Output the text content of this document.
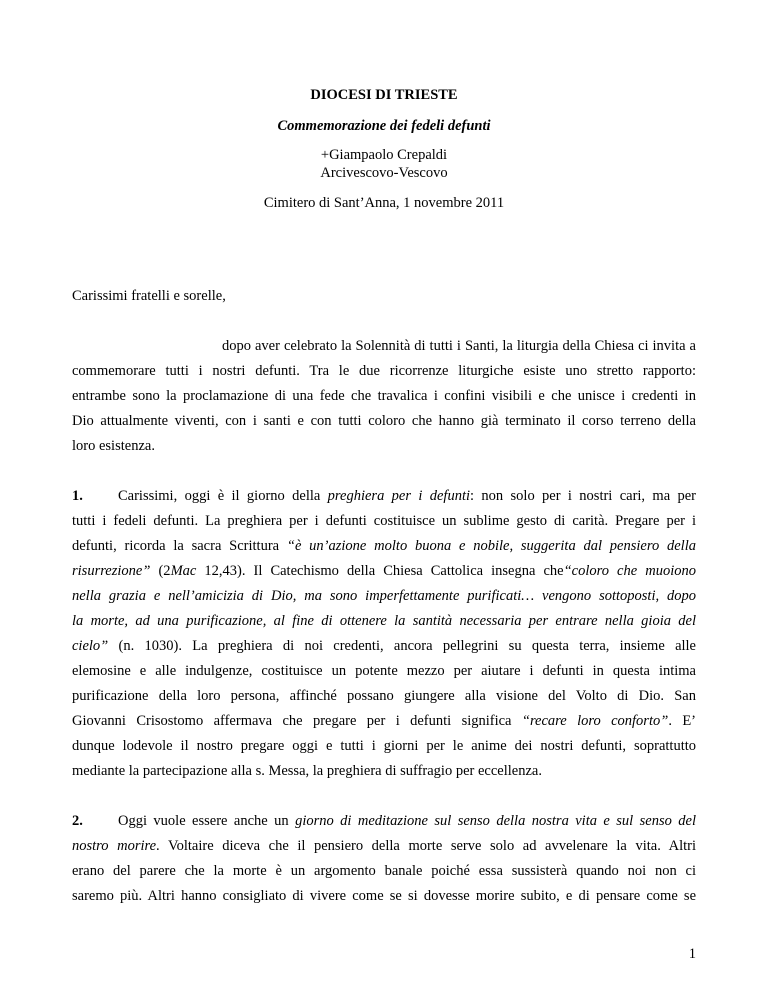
DIOCESI DI TRIESTE
Commemorazione dei fedeli defunti
+Giampaolo Crepaldi
Arcivescovo-Vescovo
Cimitero di Sant’Anna, 1 novembre 2011
Carissimi fratelli e sorelle,
dopo aver celebrato la Solennità di tutti i Santi, la liturgia della Chiesa ci invita a
commemorare tutti i nostri defunti. Tra le due ricorrenze liturgiche esiste uno stretto rapporto:
entrambe sono la proclamazione di una fede che travalica i confini visibili e che unisce i credenti in
Dio attualmente viventi, con i santi e con tutti coloro che hanno già terminato il corso terreno della
loro esistenza.
1. Carissimi, oggi è il giorno della preghiera per i defunti: non solo per i nostri cari, ma per
tutti i fedeli defunti. La preghiera per i defunti costituisce un sublime gesto di carità. Pregare per i
defunti, ricorda la sacra Scrittura “è un’azione molto buona e nobile, suggerita dal pensiero della
risurrezione” (2Mac 12,43). Il Catechismo della Chiesa Cattolica insegna che“coloro che muoiono
nella grazia e nell’amicizia di Dio, ma sono imperfettamente purificati… vengono sottoposti, dopo
la morte, ad una purificazione, al fine di ottenere la santità necessaria per entrare nella gioia del
cielo” (n. 1030). La preghiera di noi credenti, ancora pellegrini su questa terra, insieme alle
elemosine e alle indulgenze, costituisce un potente mezzo per aiutare i defunti in questa intima
purificazione della loro persona, affinché possano giungere alla visione del Volto di Dio. San
Giovanni Crisostomo affermava che pregare per i defunti significa “recare loro conforto”. E’
dunque lodevole il nostro pregare oggi e tutti i giorni per le anime dei nostri defunti, soprattutto
mediante la partecipazione alla s. Messa, la preghiera di suffragio per eccellenza.
2. Oggi vuole essere anche un giorno di meditazione sul senso della nostra vita e sul senso del
nostro morire. Voltaire diceva che il pensiero della morte serve solo ad avvelenare la vita. Altri
erano del parere che la morte è un argomento banale poiché essa sussisterà quando noi non ci
saremo più. Altri hanno consigliato di vivere come se si dovesse morire subito, e di pensare come se
1
